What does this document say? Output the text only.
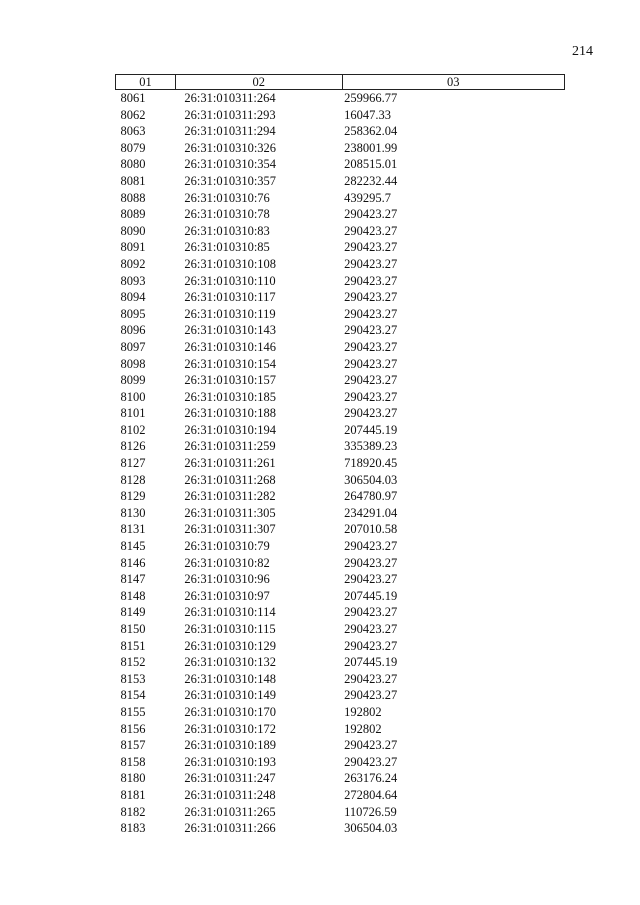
214
01	02	03
8061	26:31:010311:264	259966.77
8062	26:31:010311:293	16047.33
8063	26:31:010311:294	258362.04
8079	26:31:010310:326	238001.99
8080	26:31:010310:354	208515.01
8081	26:31:010310:357	282232.44
8088	26:31:010310:76	439295.7
8089	26:31:010310:78	290423.27
8090	26:31:010310:83	290423.27
8091	26:31:010310:85	290423.27
8092	26:31:010310:108	290423.27
8093	26:31:010310:110	290423.27
8094	26:31:010310:117	290423.27
8095	26:31:010310:119	290423.27
8096	26:31:010310:143	290423.27
8097	26:31:010310:146	290423.27
8098	26:31:010310:154	290423.27
8099	26:31:010310:157	290423.27
8100	26:31:010310:185	290423.27
8101	26:31:010310:188	290423.27
8102	26:31:010310:194	207445.19
8126	26:31:010311:259	335389.23
8127	26:31:010311:261	718920.45
8128	26:31:010311:268	306504.03
8129	26:31:010311:282	264780.97
8130	26:31:010311:305	234291.04
8131	26:31:010311:307	207010.58
8145	26:31:010310:79	290423.27
8146	26:31:010310:82	290423.27
8147	26:31:010310:96	290423.27
8148	26:31:010310:97	207445.19
8149	26:31:010310:114	290423.27
8150	26:31:010310:115	290423.27
8151	26:31:010310:129	290423.27
8152	26:31:010310:132	207445.19
8153	26:31:010310:148	290423.27
8154	26:31:010310:149	290423.27
8155	26:31:010310:170	192802
8156	26:31:010310:172	192802
8157	26:31:010310:189	290423.27
8158	26:31:010310:193	290423.27
8180	26:31:010311:247	263176.24
8181	26:31:010311:248	272804.64
8182	26:31:010311:265	110726.59
8183	26:31:010311:266	306504.03
